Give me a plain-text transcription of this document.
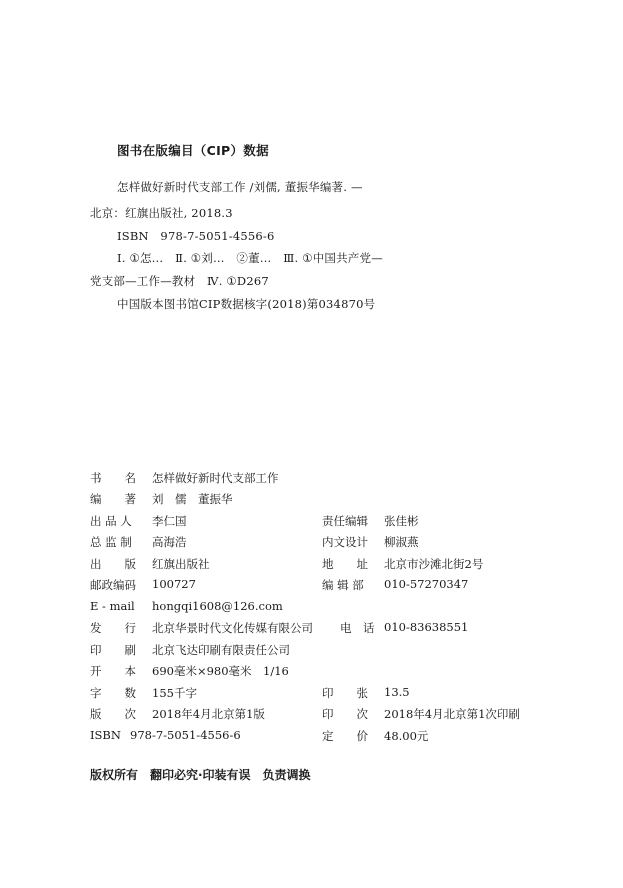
图书在版编目（CIP）数据
怎样做好新时代支部工作 /刘儒, 董振华编著. —
北京：红旗出版社, 2018.3
ISBN　978-7-5051-4556-6
Ⅰ. ①怎…　Ⅱ. ①刘…　②董…　Ⅲ. ①中国共产党—
党支部—工作—教材　Ⅳ. ①D267
中国版本图书馆CIP数据核字(2018)第034870号
书　　名 怎样做好新时代支部工作
编　　著 刘　儒　董振华
出 品 人 李仁国	责任编辑 张佳彬
总 监 制 高海浩	内文设计 柳淑燕
出　　版 红旗出版社	地　　址 北京市沙滩北街2号
邮政编码 100727	编 辑 部 010-57270347
E - mail hongqi1608@126.com
发　　行 北京华景时代文化传媒有限公司 电　话 010-83638551
印　　刷 北京飞达印刷有限责任公司
开　　本 690毫米×980毫米　1/16
字　　数 155千字	印　　张 13.5
版　　次 2018年4月北京第1版	印　　次 2018年4月北京第1次印刷
ISBN 978-7-5051-4556-6	定　　价 48.00元
版权所有　翻印必究·印装有误　负责调换
